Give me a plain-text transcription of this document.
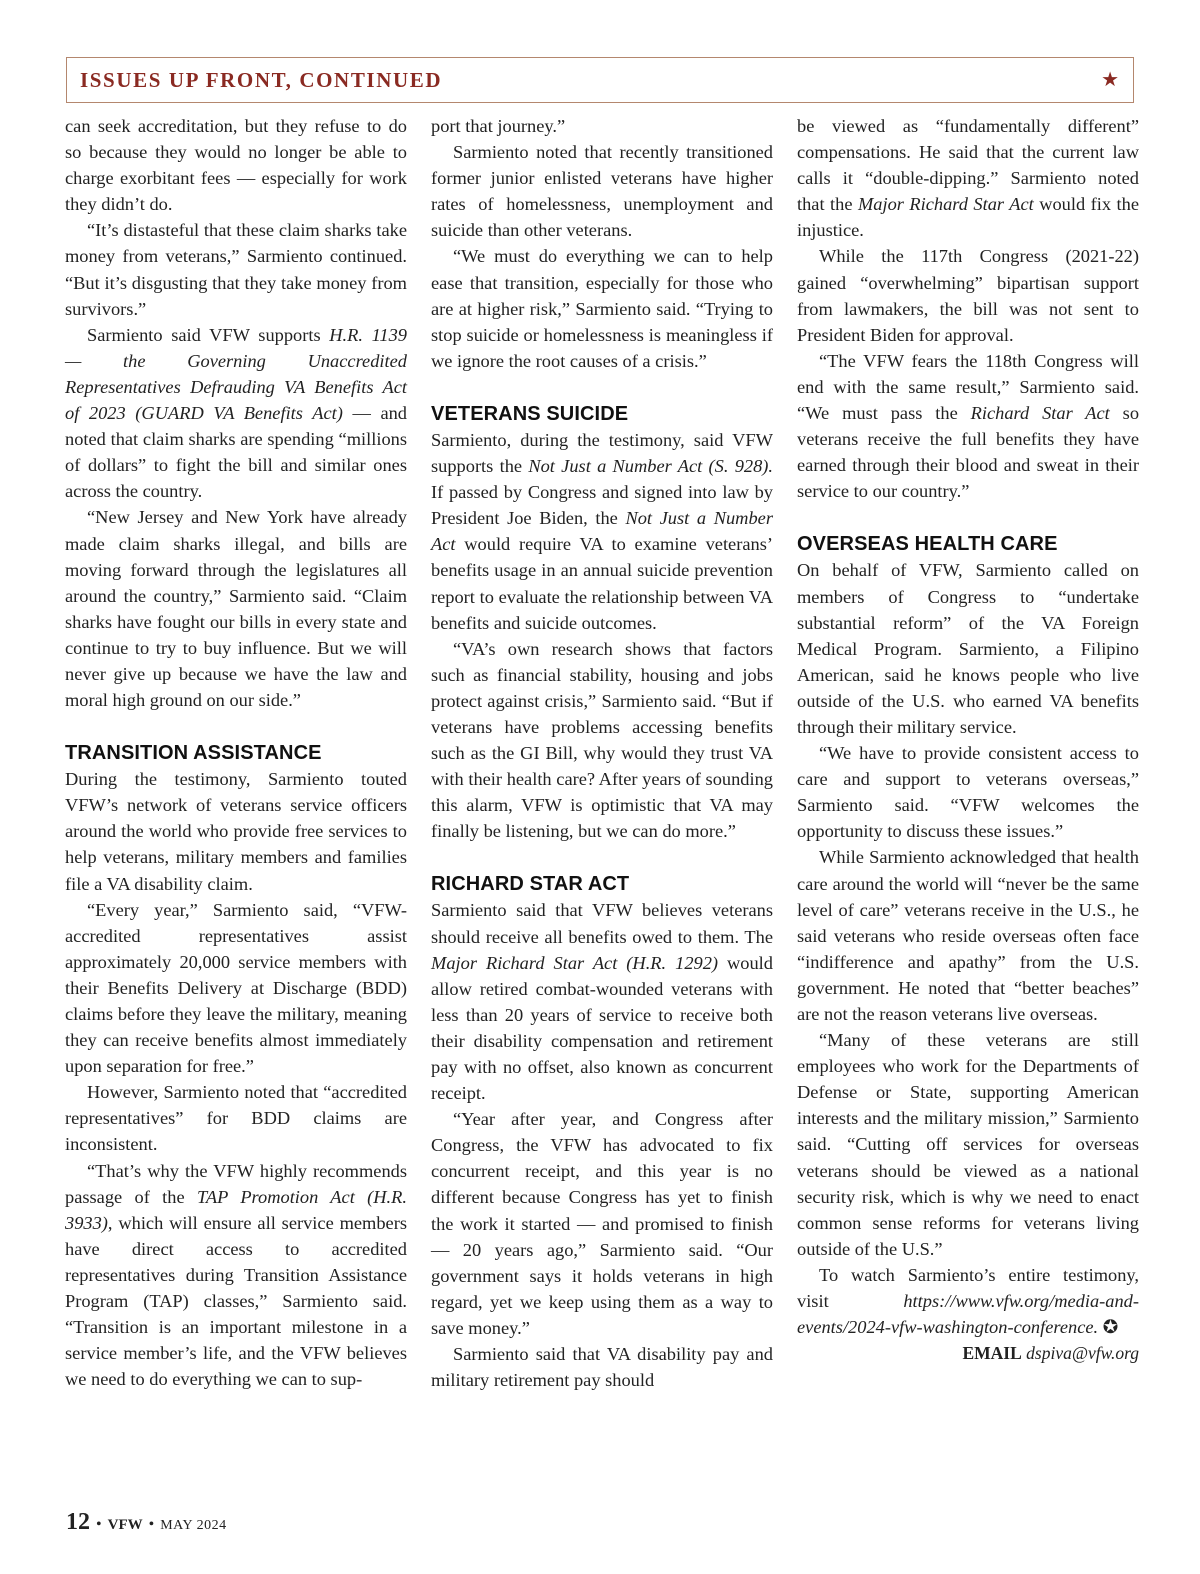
ISSUES UP FRONT, CONTINUED	★

can seek accreditation, but they refuse to do so because they would no longer be able to charge exorbitant fees — especially for work they didn’t do.

“It’s distasteful that these claim sharks take money from veterans,” Sarmiento continued. “But it’s disgusting that they take money from survivors.”

Sarmiento said VFW supports H.R. 1139 — the Governing Unaccredited Representatives Defrauding VA Benefits Act of 2023 (GUARD VA Benefits Act) — and noted that claim sharks are spending “millions of dollars” to fight the bill and similar ones across the country.

“New Jersey and New York have already made claim sharks illegal, and bills are moving forward through the legislatures all around the country,” Sarmiento said. “Claim sharks have fought our bills in every state and continue to try to buy influence. But we will never give up because we have the law and moral high ground on our side.”

TRANSITION ASSISTANCE

During the testimony, Sarmiento touted VFW’s network of veterans service officers around the world who provide free services to help veterans, military members and families file a VA disability claim.

“Every year,” Sarmiento said, “VFW-accredited representatives assist approximately 20,000 service members with their Benefits Delivery at Discharge (BDD) claims before they leave the military, meaning they can receive benefits almost immediately upon separation for free.”

However, Sarmiento noted that “accredited representatives” for BDD claims are inconsistent.

“That’s why the VFW highly recommends passage of the TAP Promotion Act (H.R. 3933), which will ensure all service members have direct access to accredited representatives during Transition Assistance Program (TAP) classes,” Sarmiento said. “Transition is an important milestone in a service member’s life, and the VFW believes we need to do everything we can to sup-

port that journey.”

Sarmiento noted that recently transitioned former junior enlisted veterans have higher rates of homelessness, unemployment and suicide than other veterans.

“We must do everything we can to help ease that transition, especially for those who are at higher risk,” Sarmiento said. “Trying to stop suicide or homelessness is meaningless if we ignore the root causes of a crisis.”

VETERANS SUICIDE

Sarmiento, during the testimony, said VFW supports the Not Just a Number Act (S. 928). If passed by Congress and signed into law by President Joe Biden, the Not Just a Number Act would require VA to examine veterans’ benefits usage in an annual suicide prevention report to evaluate the relationship between VA benefits and suicide outcomes.

“VA’s own research shows that factors such as financial stability, housing and jobs protect against crisis,” Sarmiento said. “But if veterans have problems accessing benefits such as the GI Bill, why would they trust VA with their health care? After years of sounding this alarm, VFW is optimistic that VA may finally be listening, but we can do more.”

RICHARD STAR ACT

Sarmiento said that VFW believes veterans should receive all benefits owed to them. The Major Richard Star Act (H.R. 1292) would allow retired combat-wounded veterans with less than 20 years of service to receive both their disability compensation and retirement pay with no offset, also known as concurrent receipt.

“Year after year, and Congress after Congress, the VFW has advocated to fix concurrent receipt, and this year is no different because Congress has yet to finish the work it started — and promised to finish — 20 years ago,” Sarmiento said. “Our government says it holds veterans in high regard, yet we keep using them as a way to save money.”

Sarmiento said that VA disability pay and military retirement pay should

be viewed as “fundamentally different” compensations. He said that the current law calls it “double-dipping.” Sarmiento noted that the Major Richard Star Act would fix the injustice.

While the 117th Congress (2021-22) gained “overwhelming” bipartisan support from lawmakers, the bill was not sent to President Biden for approval.

“The VFW fears the 118th Congress will end with the same result,” Sarmiento said. “We must pass the Richard Star Act so veterans receive the full benefits they have earned through their blood and sweat in their service to our country.”

OVERSEAS HEALTH CARE

On behalf of VFW, Sarmiento called on members of Congress to “undertake substantial reform” of the VA Foreign Medical Program. Sarmiento, a Filipino American, said he knows people who live outside of the U.S. who earned VA benefits through their military service.

“We have to provide consistent access to care and support to veterans overseas,” Sarmiento said. “VFW welcomes the opportunity to discuss these issues.”

While Sarmiento acknowledged that health care around the world will “never be the same level of care” veterans receive in the U.S., he said veterans who reside overseas often face “indifference and apathy” from the U.S. government. He noted that “better beaches” are not the reason veterans live overseas.

“Many of these veterans are still employees who work for the Departments of Defense or State, supporting American interests and the military mission,” Sarmiento said. “Cutting off services for overseas veterans should be viewed as a national security risk, which is why we need to enact common sense reforms for veterans living outside of the U.S.”

To watch Sarmiento’s entire testimony, visit https://www.vfw.org/media-and-events/2024-vfw-washington-conference. ✪

EMAIL dspiva@vfw.org

12 • VFW • MAY 2024
